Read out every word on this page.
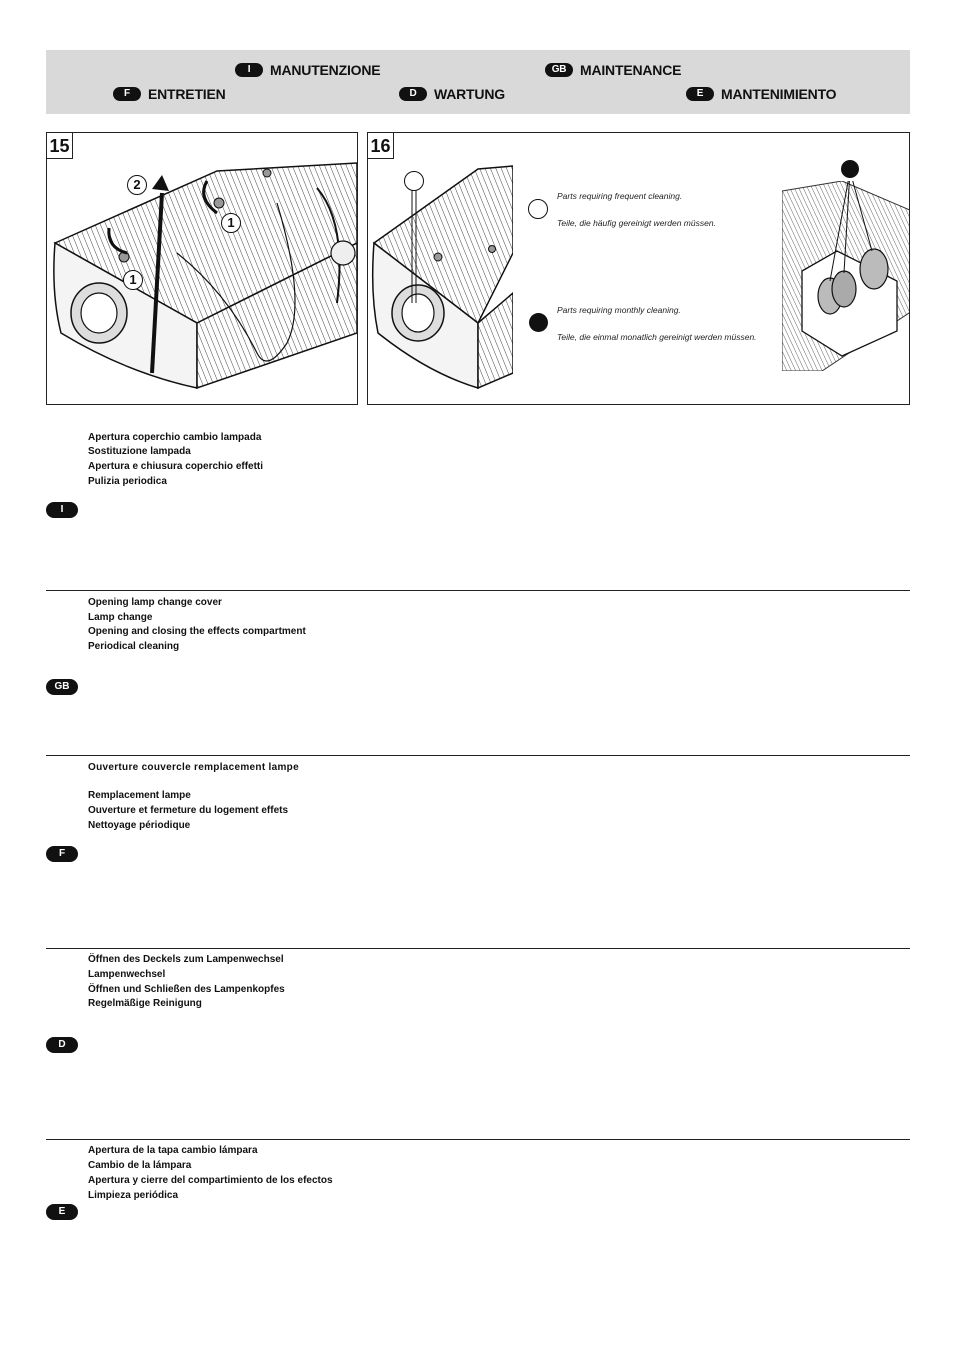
I	MANUTENZIONE	GB MAINTENANCE
F	ENTRETIEN	D	WARTUNG	E	MANTENIMIENTO
15
2
1
1
16
Parts requiring frequent cleaning.
Teile, die häufig gereinigt werden müssen.
Parts requiring monthly cleaning.
Teile, die einmal monatlich gereinigt werden müssen.
Apertura coperchio cambio lampada
Sostituzione lampada
Apertura e chiusura coperchio effetti
Pulizia periodica
I
Opening lamp change cover
Lamp change
Opening and closing the effects compartment
Periodical cleaning
GB
Ouverture couvercle remplacement lampe
Remplacement lampe
Ouverture et fermeture du logement effets
Nettoyage périodique
F
Öffnen des Deckels zum Lampenwechsel
Lampenwechsel
Öffnen und Schließen des Lampenkopfes
Regelmäßige Reinigung
D
Apertura de la tapa cambio lámpara
Cambio de la lámpara
Apertura y cierre del compartimiento de los efectos
Limpieza periódica
E
